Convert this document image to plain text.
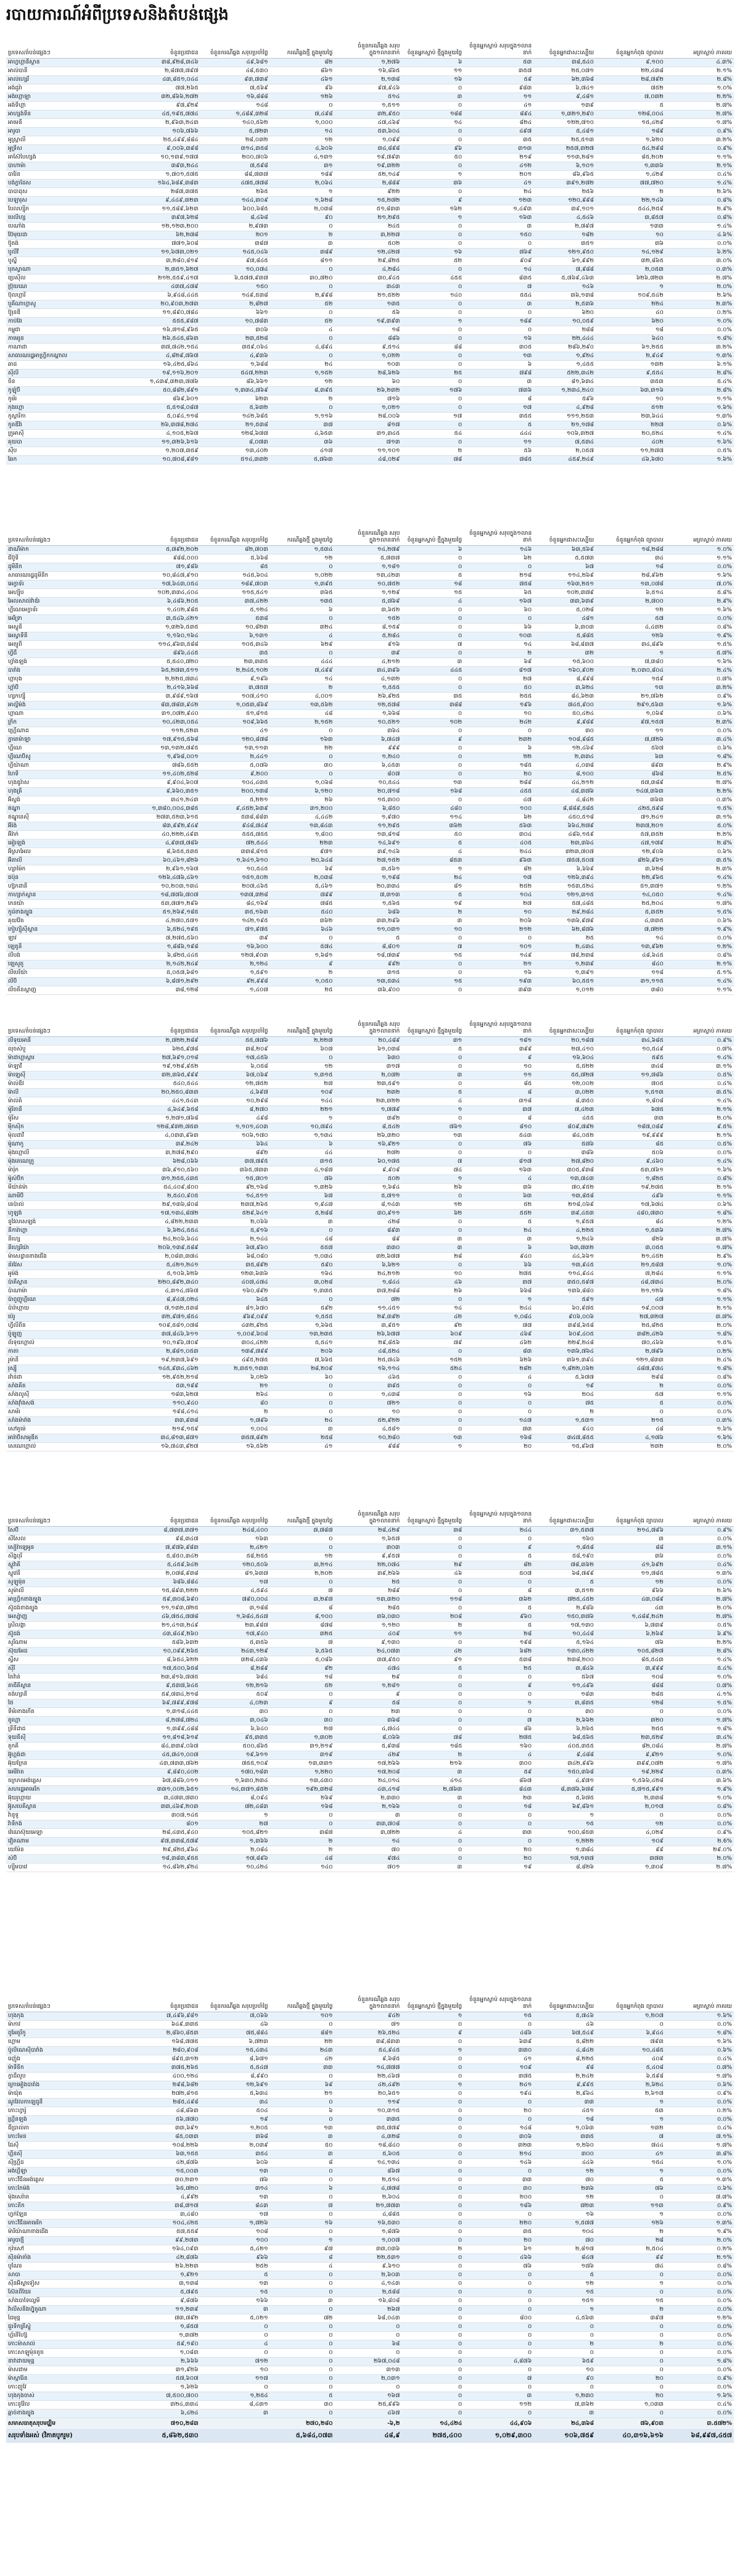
របាយការណ៍អំពីប្រទេសនិងតំបន់ផ្សេង
ប្រទេស/តំបន់ផ្សេងៗ	ចំនួនប្រជាជន	ចំនួនករណីឆ្លង សរុបប្រចាំថ្ងៃ	ករណីឆ្លងថ្មី ក្នុងមួយថ្ងៃ	ចំនួនករណីឆ្លង សរុបក្នុង១លាននាក់	ចំនួនអ្នកស្លាប់ ថ្មីក្នុងមួយថ្ងៃ	ចំនួនអ្នកស្លាប់ សរុបក្នុង១លាននាក់	ចំនួនអ្នកជាសះស្បើយ	ចំនួនអ្នកកំពុង ព្យាបាល	អត្រាស្លាប់ ភាគរយ
អាហ្វហ្គានីស្ថាន	៣៨,៩២៨,៣៤៦	៤៩,៦៨១	៨២	១,២៧៦	៦	៥៣	៣៨,៥៤០	៩,១០០	៤.៣%
អាល់បានី	២,៨៧៧,៧៩៧	៤៨,៥៣០	៨៦១	១៦,៨៦៥	១១	៣៥៧	២៥,០៧១	២២,៤៣៨	២.១%
អាល់ហ្សេរី	៤៣,៨៥១,០៤៤	៩៣,៧៣៩	៤៦១	២,១៣៨	១៦	៥៩	៦២,៣៦៨	២៨,៧៩២	២.៨%
អង់ដូរ៉ា	៧៧,២៦៥	៧,៥៦៩	៩៦	៩៧,៩៤៦	០	៩៨៣	៦,៧៤១	៧៥២	១.០%
អង់ហ្គោឡា	៣២,៨៦៦,២៧២	១៦,៨៨៨	១២៦	៥១៤	៣	១១	៩,៤៨១	៧,០៣២	២.២%
អង់ទីហ្គា	៩៧,៩២៩	១៤៨	០	១,៥១១	០	៤១	១៣៩	៥	២.៧%
អាហ្សង់ទីន	៤៥,១៩៥,៧៧៤	១,៤៨៩,៣២៨	៧,៤៩៨	៣២,៩៥០	១៨៨	៨៩៤	១,៣២១,២៩០	១២៨,០០៤	២.៧%
អាមេនី	២,៩៦៣,២៤៣	១៤០,៥៦២	១,០០០	៤៧,៤៦៩	១៤	៨២៤	១២២,៧១០	១៥,៤២៩	១.៧%
អារូបា	១០៦,៧៦៦	៥,៧២៣	១៤	៥៣,៦០៤	០	៤៩៧	៥,៤៨១	១៨៩	០.៩%
អូស្ត្រាលី	២៥,៤៩៩,៨៨៤	២៨,០៣២	១២	១,០៩៩	០	៣៥	២៥,៥១៣	១,៦២០	៣.២%
អូទ្រីស	៩,០០៦,៣៩៨	៣១៤,៣៥៨	៤,៦០៦	៣៤,៨៩៨	៩៦	៣១៣	២៥៧,៣២៧	៥៤,២៩៨	០.៩%
អាស៊ែបៃហ្សង់	១០,១៣៩,១៧៧	២០០,៧០៦	៤,១៣១	១៩,៧៩៣	៥០	២១៩	១១៣,២៨១	៨៥,២០២	១.១%
បាហាម៉ា	៣៩៣,២៤៤	៧,៥៩៨	៣១	១៩,៣២២	០	៤១២	៦,១០១	១,៣៣៦	២.១%
បារ៉ែន	១,៧០១,៥៧៥	៨៨,៧៣៧	១៨៩	៥២,១៤៩	១	២០១	៨៦,៩៦៥	១,៤២៩	០.៤%
បង់ក្លាដែស	១៦៤,៦៨៩,៣៨៣	៤៧៥,៧៧៨	២,០៦៤	២,៨៨៩	៣៦	៤១	៣៩១,២៧២	៧៧,៧២០	១.៤%
បាបាដុស	២៨៧,៣៧៥	២៦៥	១	៩២២	០	២៤	២៥៦	២	២.៦%
បេឡារុស	៩,៤៤៩,៣២៣	១៤៤,៣០៩	១,៦២៨	១៥,២៧២	៩	១២៣	១២០,៩៩៨	២២,១៤៦	០.៨%
បែលហ្ស៊ិក	១១,៥៨៩,៦២៣	៦០០,៦៨៥	២,០៣៨	៥១,៨៣៣	១៦២	១,៤៩៣	៣៩,១០១	៥៤៤,២៥៩	២.៩%
បេលីហ្ស	៣៩៧,៦២៨	៨,៤៦៨	៩០	២១,២៩៥	១	១៦៣	៤,៥៤៦	៣,៨៥៧	០.៨%
បេណាំង	១២,១២៣,២០០	២,៩៧៣	០	២៤៥	០	៣	២,៧៩៧	១៣៣	១.៤%
ប៊ែមុយដា	៦២,២៧៨	២០១	២	៣,២២៧	០	១៥០	១៨២	១០	៤.៦%
ប៊ូតង់	៧៧១,៦០៨	៣៨៧	៣	៥០២	០	០	៣៥១	៣៦	០.០%
បូលីវី	១១,៦៧៣,០២១	១៤៥,០៤៦	៣៨៩	១២,៤២៧	១៦	៧៦៩	១២១,៩៥០	១៤,១២៩	៦.២%
បូស្នី	៣,២៨០,៨១៩	៩៧,៨៤៥	៨១១	២៩,៨២៥	៥២	៩០៩	៦១,៩៩២	៣២,៨៦៥	៣.០%
បុតស្វាណា	២,៣៥១,៦២៧	១០,០៧៤	០	៤,២៨៤	០	១៤	៧,៩៨៨	២,០៥៣	០.៣%
ប្រេស៊ីល	២១២,៥៥៩,៤១៧	៦,៥៧៧,៩៣៧	៣០,៧២០	៣០,៩៤៥	៤៥៥	៨៣៥	៥,៧៦៩,៤៦៣	៦២៦,៧២៣	២.៧%
ប្រ៊ុយណេ	៤៣៧,៤៧៩	១៥០	០	៣៤៣	០	៧	១៤៦	១	២.០%
ប៊ុលហ្គារី	៦,៩៤៨,៤៤៥	១៤៩,៥៣៨	២,៩៩៨	២១,៥២២	១៤០	៥៥៤	៣៦,១៣៨	១០៩,៥៤២	២.៦%
បួគីណាហ្វាសូ	២០,៩០៣,២៧៣	២,៨២៧	៥២	១៣៥	០	៣	២,៥៣៦	២២៤	២.៣%
ប៊ូរុនឌី	១១,៨៩០,៧៨៤	៦៦១	០	៥៦	០	០	៦២០	៤០	០.២%
កាប់វែរ	៥៥៥,៩៨៧	១០,៧៨៣	៥២	១៩,៣៩៣	១	១៨៩	១០,០៥៩	៦២០	១.០%
កម្ពុជា	១៦,៧១៨,៩៦៥	៣០៦	៤	១៨	០	០	២៨៨	១៨	០.០%
កាមេរូន	២៦,៥៤៥,៨៦៣	២៣,៥២៨	០	៨៨៦	០	១៦	២២,៤៤៤	៦៤០	១.៨%
កាណាដា	៣៧,៧៤២,១៥៤	៣៥៩,០៦៤	៤,៨៩៤	៩,៥១៤	៨៨	៣០៥	២៨៦,២៩០	៦១,២៥៥	៣.២%
សាធារណរដ្ឋអាហ្វ្រិកកណ្តាល	៤,៨២៩,៧៦៧	៤,៩៣៦	០	១,០២២	០	១៣	១,៩២៤	២,៩៤៩	១.៣%
ឆាដ	១៦,៤២៥,៨៦៤	១,៦៨៨	២៤	១០៣	០	៦	១,៤៥៥	១៣២	៦.១%
ស៊ីលី	១៩,១១៦,២០១	៥៤៧,២២៣	១,១៥២	២៨,៦២៦	២៥	៧៩៨	៥២២,៣៤២	៩,៥៥៤	២.៨%
ចិន	១,៤៣៩,៣២៣,៧៧៦	៨៦,៦៦១	១២	៦០	០	៣	៨១,៦៣៤	៣៥៣	៥.៤%
កូឡុំប៊ី	៥០,៨៨២,៨៩១	១,៣៣៤,៧៦៩	៨,៣៩៥	២៦,២៣២	១៧៦	៧៣៦	១,២៣៤,២៤០	៦៣,៣១៦	២.៨%
កូម័រ	៨៦៩,៦០១	៦២៣	២	៧១៦	០	៨	៥៩៦	១០	១.១%
កុងហ្គោ	៥,៥១៨,០៨៧	៥,៦៣២	០	១,០២១	០	១៧	៤,៩២៨	៥១២	១.៦%
កូស្តារីកា	៥,០៩៤,១១៨	១៤២,៦៨៥	១,១១៦	២៨,០០៦	១៧	៣៥៥	១១១,២៥៣	២៣,៦៤៤	១.៣%
កូតឌីវ័រ	២៦,៣៧៨,២៧៤	២១,៥៣៨	៣៧	៨១៧	០	៥	២១,១៧៨	២២៧	០.៦%
ក្រូអាស៊ី	៤,១០៥,២៦៧	១២៨,៦៧៧	៤,៦៥៣	៣១,៣៤៥	៥៤	៤៤៤	១០៦,៣២៧	២០,៥២៤	១.៤%
គុយបា	១១,៣២៦,៦១៦	៨,០៧៣	៣៦	៧១៣	០	១១	៧,៥៣៤	៤០២	១.៦%
ស៊ីប	១,២០៧,៣៥៩	១៣,៤០២	៤១៧	១១,១០១	២	៥៦	២,០៥៧	១១,២៧៧	០.៥%
ឆែក	១០,៧០៨,៩៨១	៥១៤,៣៣២	៥,៧៦៣	៤៨,០២៩	៧៨	៧៨៥	៤៥៩,២៤៩	៤៦,៦៧០	១.៦%
ប្រទេស/តំបន់ផ្សេងៗ	ចំនួនប្រជាជន	ចំនួនករណីឆ្លង សរុបប្រចាំថ្ងៃ	ករណីឆ្លងថ្មី ក្នុងមួយថ្ងៃ	ចំនួនករណីឆ្លង សរុបក្នុង១លាននាក់	ចំនួនអ្នកស្លាប់ ថ្មីក្នុងមួយថ្ងៃ	ចំនួនអ្នកស្លាប់ សរុបក្នុង១លាននាក់	ចំនួនអ្នកជាសះស្បើយ	ចំនួនអ្នកកំពុង ព្យាបាល	អត្រាស្លាប់ ភាគរយ
ដាណឺម៉ាក	៥,៧៩២,២០២	៨២,៧០៣	១,៥៣៤	១៤,២៧៩	៦	១៤៦	៦៣,៥៦៩	១៨,២៨៨	១.០%
ជីប៊ូទី	៩៨៨,០០០	៥,៦៦៨	១២	៥,៧៣៧	០	៦២	៥,៥៧៣	៣៤	១.១%
ដូមីនីក	៧១,៩៨៦	៨៥	០	១,១៨១	០	០	៦៧	១៨	០.០%
សាធារណរដ្ឋដូមីនីក	១០,៨៤៧,៩១០	១៤៥,៦០៤	១,០២២	១៣,៤២៣	៥	២១៨	១១៤,២៦៩	២៨,៩៦២	១.៦%
អេក្វាទ័រ	១៧,៦៤៣,០៥៤	១៨៩,៧០៣	១,៣៩៥	១០,៧៥២	១៨	៧៥៨	១៦៣,២៥១	១៣,០៧៨	៧.០%
អេហ្ស៊ីប	១០២,៣៣៤,៤០៤	១១៥,៥៤១	៣៦៥	១,១២៩	១៥	៦៥	១០២,៣៧៩	៦,៥១៤	៥.៨%
អែលសាល់វ៉ាឌ័រ	៦,៤៨៦,២០៥	៣៧,៤២២	១៣៥	៥,៧៦៩	៤	១៦៧	៣៣,៦៣៩	២,៧០០	២.៩%
ហ្គីណេអេក្វាទ័រ	១,៤០២,៩៨៥	៥,១២៤	៦	៣,៦៥២	០	៦០	៥,០២៨	១២	១.៦%
អេរីទ្រា	៣,៥៤៦,៤២១	៥៣៨	០	១៥២	០	០	៤៨១	៥៧	០.០%
អេស្តូនី	១,៣២៦,៥៣៥	១០,៨២៣	៣២៤	៨,១៥៩	០	៦៦	៦,៣០៣	៤,៤៣២	០.៨%
អេស្វាទីនី	១,១៦០,១៦៤	៦,១៣១	៤	៥,២៨៤	០	១០៣	៥,៨៨៥	១២៦	១.៩%
អេត្យូពី	១១៤,៩៦៣,៥៨៨	១០៥,៣៤៦	៦២៩	៩១៦	៧	១៤	៦៨,៨៣៧	៣៤,៨៩៦	១.៥%
ហ្វីជី	៨៩៦,៤៤៥	៣៥	០	៣៩	០	២	៣២	១	៥.៧%
ហ្វាំងឡង់	៥,៥៤០,៧២០	២៣,៣៣៥	៤៤៤	៤,២១២	៣	៦៩	១៥,៦០០	៧,៣៨០	១.៦%
បារាំង	៦៥,២៧៣,៥១១	២,២៤៥,១០២	៧,៤៩៩	៣៤,៣៩៦	៤៤៥	៨១៧	១៦០,៩០២	២,០៣០,៨០៤	២.៤%
ហ្គាបុង	២,២២៥,៧៣៤	៩,១៩៦	១៤	៤,១៣២	០	២៧	៨,៩៩៨	១៥៩	០.៧%
ហ្គាំប៊ី	២,៤១៦,៦៦៨	៣,៧៥៧	២	១,៥៥៥	០	៥០	៣,៦២៤	១៣	៣.២%
ហ្សកហ្ស៊ី	៣,៩៨៩,១៦៧	១០៧,៤១០	៤,០០១	២៦,៩២៥	៣៥	២៥៥	៨៤,៦២៣	២១,៧៦២	០.៩%
អាល្លឺម៉ង់	៨៣,៧៨៣,៩៤២	១,០៥៣,៨៦៩	១៣,៥៦២	១២,៥៧៨	៣៨៨	១៩៦	៧៤៥,៩០០	២៩១,៥៦៣	១.៦%
ហ្គាណា	៣១,០៧២,៩៤០	៥១,៨១៥	៤៨	១,៦៦៨	០	១០	៥០,៤២៤	១,០៦៩	០.៦%
ក្រិក	១០,៤២៣,០៥៤	១០៩,៦៦៥	២,១៥២	១០,៥២១	១០២	២៤២	៩,៩៨៩	៩៧,១៥៧	២.៣%
ហ្គ្រើណាដ	១១២,៥២៣	៤១	០	៣៦៤	០	០	៣០	១១	០.០%
ក្វាតេម៉ាឡា	១៧,៩១៥,៥៦៨	១២០,៨៧៨	១៦៣	៦,៧៤៧	៩	២៣២	១០៨,៩៨៥	៧,៧២៦	៣.៤%
ហ្គីណេ	១៣,១៣២,៧៩៥	១៣,១១៣	២២	៩៩៩	០	៦	១២,៤៦៩	៥៦៧	០.៦%
ហ្គីណេប៊ីសូ	១,៩៦៨,០០១	២,៤៤១	០	១,២៤០	០	២២	២,៣៣៤	៦៣	១.៨%
ហ្គីយ៉ាណា	៧៨៦,៥៥២	៥,០៧៦	៣០	៦,៤៥៣	០	១៨៥	៤,០៣៨	៨៩៣	២.៩%
ហៃទី	១១,៤០២,៥២៨	៩,២០០	០	៨០៧	០	២០	៨,១០០	៨៦៨	២.៥%
ហុងឌូរ៉ាស	៩,៩០៤,៦០៧	១០៤,៤៣៥	១,០៦៨	១០,៥៤៤	១៣	២៨៩	៤៤,២១២	៥៧,៣៨៩	២.៧%
ហុងគ្រី	៩,៦៦០,៣៥១	២០០,១៣៨	៦,១២០	២០,៧១៨	១៦៨	៤៥៥	៤៨,៣៧៦	១៤៧,៣៦៣	២.២%
អ៊ីស្លង់	៣៤១,២៤៣	៥,២២១	២៦	១៥,៣០០	០	៤៧	៤,៨៤២	៣៦៣	០.៣%
ឥណ្ឌា	១,៣៨០,០០៤,៣៨៥	៩,៤៥២,៦៣៩	៣១,២០០	៦,៨៥០	៤៨០	១០០	៨,៨៨៩,៥៨៥	៤២៥,៥៩៨	១.៥%
ឥណ្ឌូនេស៊ី	២៧៣,៥២៣,៦១៥	៥៣៨,៨៨៣	៤,៤៤២	១,៩៧០	១១៤	៦២	៤៥០,៥១៨	៧១,២៤១	៣.១%
អ៊ីរ៉ង់	៨៣,៩៩២,៩៤៩	៩៤៨,៧៤៩	១៣,៨៤៣	១១,២៩៥	៣៦២	៥៦៣	៦៦៤,២៧៩	២៣៧,២០១	៥.០%
អ៊ីរ៉ាក់	៤០,២២២,៤៩៣	៥៥៥,៧៥៥	១,៨០០	១៣,៨១៨	៥០	៣០៤	៤៨៦,១៥៩	៥៧,៣៥២	២.២%
អៀរឡង់	៤,៩៣៧,៧៨៦	៧២,៥៤៤	២២៣	១៤,៦៩១	៥	៤០៥	២៣,៣៦៤	៤៧,១៧៩	២.៨%
អ៊ីស្រាអែល	៨,៦៥៥,៥៣៥	៣៣៨,៨១៥	៩៧១	៣៩,១៤៦	៤	២៤៤	៣២៣,៧០៧	១២,៩០៦	០.៦%
អ៊ីតាលី	៦០,៤៦១,៨២៦	១,៦៤១,៦១០	២០,៦៤៨	២៧,១៥២	៨៥៣	៩៦៣	៧៥៧,៥០៧	៨២៦,៩៦១	៣.៥%
ហ្សាម៉ៃក	២,៩៦១,១៦៧	១០,៥៤៥	៦៩	៣,៥៦១	១	៨២	៦,៦៦៩	៣,៦២៨	២.៣%
ជប៉ុន	១២៦,៤៧៦,៤៦១	១៥១,៥០២	២,០៣៨	១,១៩៨	២៤	១៧	១២៦,៣៩៤	២២,៩៦៥	១.៤%
ហ្ស៊កដានី	១០,២០៣,១៣៤	២០៧,៤៦៥	៥,៤៦១	២០,៣៣៤	៨១	២៥២	១៥៣,៥២៤	៥១,៣៧១	១.២%
កាហ្សាក់ស្ថាន	១៨,៧៧៦,៧០៧	១៣៧,៣២៨	៧៩៩	៧,៣១៣	៥	១០៤	១២១,៣១៥	១៤,០៥០	១.៤%
កេនយ៉ា	៥៣,៧៧១,២៩៦	៨៤,១៦៩	៧៨៥	១,៥៦៥	១៩	២៧	៥៧,៤៨៥	២៥,២០៤	១.៧%
កូរ៉េខាងត្បូង	៥១,២៦៩,១៨៥	៣៥,១៦៣	៥៤០	៦៨៦	២	១០	២៩,២៨៤	៥,៣៥២	១.៥%
គុយវ៉ែត	៤,២៧០,៥៧១	១៤២,១៩៥	៣៦២	៣៣,២៩៦	៣	២០៦	១៣៦,៩៧៩	៤,៣៣៥	០.៦%
កៀហ្ស៊ីស៊ីស្ថាន	៦,៥២៤,១៩៥	៧១,៩៧៥	៦៤៦	១១,០៣១	១០	២១២	៦២,៨៧៦	៧,៧២២	១.៩%
ឡាវ	៧,២៧៥,៥៦០	៣៩	០	៥	០	០	២៥	១៤	០.០%
ឡេតូនី	១,៨៨៦,១៩៨	១៦,៦០០	៥៧៤	៨,៨០១	៧	១០១	២,៤៣៤	១៣,៩៦២	១.២%
លីបង់	៦,៨២៥,៤៤៥	១២៧,៩០៣	១,៦៨១	១៨,៧៣៩	១៥	១៤៩	៧៨,២៣៨	៤៨,៦៤៥	០.៨%
ឡេសូតូ	២,១៤២,២៤៩	២,១២៤	៩	៩៩២	០	២១	១,២៣៩	៨៤០	២.១%
លីបេរីយ៉ា	៥,០៥៧,៦៨១	១,៥៩១	២	៣១៥	០	១៦	១,៣៩១	១១៨	៥.១%
លីប៊ី	៦,៨៧១,២៩២	៩២,៩៩៨	១,០៥០	១៣,៥៣៤	១៥	១៩៣	៦០,៥៥១	៣១,១១៥	១.៤%
លិចតិនស្តាញ	៣៨,១២៨	១,៤០៧	២៥	៣៦,៩០០	០	៣៩៣	១,០១២	៣៨០	១.១%
ប្រទេស/តំបន់ផ្សេងៗ	ចំនួនប្រជាជន	ចំនួនករណីឆ្លង សរុបប្រចាំថ្ងៃ	ករណីឆ្លងថ្មី ក្នុងមួយថ្ងៃ	ចំនួនករណីឆ្លង សរុបក្នុង១លាននាក់	ចំនួនអ្នកស្លាប់ ថ្មីក្នុងមួយថ្ងៃ	ចំនួនអ្នកស្លាប់ សរុបក្នុង១លាននាក់	ចំនួនអ្នកជាសះស្បើយ	ចំនួនអ្នកកំពុង ព្យាបាល	អត្រាស្លាប់ ភាគរយ
លីទុយអានី	២,៧២២,២៨៩	៥៥,៧៧៦	២,២២៧	២០,៤៨៩	៣១	១៨១	២០,១៨៧	៣៤,៦៨៥	០.៩%
លុចសំបួ	៦២៥,៩៧៨	៣៨,២០៩	៦០៧	៦១,០៣៨	៥	៣៩៩	២៧,៤១០	១០,៥៤៩	០.៧%
ម៉ាដាហ្គាស្ការ	២៧,៦៩១,០១៨	១៧,៤៥៦	០	៦៣០	០	៩	១៦,៦០៤	៥៩៥	១.៤%
ម៉ាឡាវី	១៩,១២៩,៩៥២	៦,០៥៨	១២	៣១៧	០	១០	៥,៥២២	៣៤៨	៣.១%
ម៉ាឡេស៊ី	៣២,៣៦៥,៩៩៩	៦៧,០៦៩	១,៣១៥	២,០៧២	៣	១១	៥៥,៧២៧	១១,៧៨៦	០.៥%
ម៉ាល់ឌីវ	៥៤០,៥៤៤	១២,៧៥២	២៧	២៣,៥៩១	០	៨៥	១២,០០២	៧០៥	០.៤%
ម៉ាលី	២០,២៥០,៨៣៣	៤,៦៩៧	១០៩	២៣២	៥	៨	៣,០២២	១,៥១៣	៣.៥%
ម៉ាល់ត៍	៤៤១,៥៤៣	១០,២៩៨	១៤៤	២៣,៣២២	៤	៣១៨	៨,៣៥០	១,៨០៨	១.៤%
ម៉ូរីតានី	៤,៦៤៩,៦៥៨	៨,២៧០	២២១	១,៧៧៩	១	៣៧	៧,៤២៣	៦៧៥	២.១%
ម៉ូរីស	១,២៧១,៧៦៨	៤៩៨	១	៣៩២	០	៨	៤៥៥	៣៣	២.០%
ម៉ិកស៊ិក	១២៨,៩៣២,៧៥៣	១,១០១,៤០៣	១០,៧៩៤	៨,៥៤២	៧៦១	៨១០	៨០៩,៧៩២	១៨៧,០៨៩	៩.៥%
ម៉ុលដាវី	៤,០៣៣,៩៦៣	១០៦,១៧០	១,១៣៤	២៦,៣២០	១៣	៥៤៣	៨៤,០៥២	១៩,៩៩៩	២.១%
ម៉ូណាកូ	៣៩,២៤២	៦៦៤	៦	១៦,៩២១	០	៧៦	៥៧៦	៨៥	០.៥%
ម៉ុងហ្គោលី	៣,២៧៨,២៩០	៨៩២	៤៤	២៧២	០	០	៣៨៦	៥០៦	០.០%
ម៉ុងតេណេក្រូ	៦២៨,០៦៦	៣៧,៧៩៥	៣១៥	៦០,១៧៥	៧	៨១៧	២៧,៨២០	៩,៤៦០	១.៤%
ម៉ារ៉ុក	៣៦,៩១០,៥៦០	៣៦៥,៧៣៣	៤,១៨៧	៩,៩០៩	៧៤	១៦៣	៣០៥,៩៣៨	៥៣,៧៦១	១.៦%
ម៉ូសំប៊ិក	៣១,២៥៥,៤៣៥	១៥,៧០១	៧៦	៥០២	១	៤	១៣,៧៤៣	១,៨២៥	០.៨%
មីយ៉ាន់ម៉ា	៥៤,៤០៩,៨០០	៩២,១៦៨	១,៣២៦	១,៦៩៤	២៦	៣៦	៧០,៩៥២	១៩,២៧៥	២.១%
ណាមីប៊ី	២,៥៤០,៩០៥	១៤,៥១១	៦៧	៥,៧១១	០	៦៣	១៣,៨៥៨	៤៩៦	១.១%
នេប៉ាល់	២៩,១៣៦,៨០៨	២៣៧,២៦៥	១,៩៤៧	៨,១៤៣	១២	៥២	២១៨,០៦៩	១៧,៦៧៤	០.៦%
ហូឡង់	១៧,១៣៤,៨៧២	៥២៩,៦៤១	៥,២៨៨	៣០,៩១១	៦២	៥៥២	៣៩,៤៥៣	៤៨០,៧៣០	១.៨%
នូវែលសេឡង់	៤,៨២២,២៣៣	២,០៦៦	៣	៤២៨	០	៥	១,៩៥៧	៨៤	១.២%
នីការ៉ាហ្គា	៦,៦២៤,៥៥៤	៥,៩១៦	០	៨៩៣	០	២៤	៤,២២៥	១,៥៣៦	២.៧%
នីហ្សេ	២៤,២០៦,៦៤៤	២,១៤៤	៤៨	៨៩	៣	៣	១,២៤៦	៨២៦	៣.៧%
នីហ្សេរីយ៉ា	២០៦,១៣៩,៥៨៩	៦៧,៩៦០	៥៥៧	៣៣០	៣	៦	៦៣,៧៣២	៣,០៥៥	១.៧%
ម៉ាសេដ្វានខាងជើង	២,០៨៣,៣៧៤	៦៨,០៨០	១,០៣៤	៣២,៦៧៧	២៨	៩៤០	៤៤,៦៦១	២១,៤៥២	២.៩%
ន័រវែស	៥,៤២១,២៤១	៣៥,៨៩២	៥៩០	៦,៦២១	០	៦៦	១៣,៩៤៥	២១,៥៨៧	១.០%
អូម៉ង់	៥,១០៦,៦២៦	១២៣,៦៣៦	១៦៤	២៤,២១២	១០	២៧៥	១១៤,៩៤៤	៧,២៨៤	១.១%
ប៉ាគីស្ថាន	២២០,៨៩២,៣៤០	៤០៧,៤៧៤	៣,០២៨	១,៨៤៤	៤៦	៣៧	៣៥០,៥៩៧	៤៨,៧៣៤	២.០%
ប៉ាណាម៉ា	៤,៣១៤,៧៦៧	១៦០,៨៩២	១,៣៣៥	៣៧,២៨៨	២៦	៦៦៨	១៣៦,៨៨០	២១,១២៦	១.៨%
ប៉ាពួញូហ្គីណេ	៨,៩៤៧,០២៤	៦៤៥	០	៧២	០	១	៥៩១	៤៧	១.១%
ប៉ារ៉ាហ្គាយ	៧,១៣២,៥៣៨	៨១,៦៧០	៥៩២	១១,៤៥១	១៤	២៤៤	៦០,៩៧៥	១៩,០០៧	២.១%
ប៉េរូ	៣២,៩៧១,៨៥៤	៩៦៩,០៩៩	១,៥៥៥	២៩,៣៩២	៤២	១,០៨៤	៩០៦,០០៦	២៧,៣២៧	៣.៧%
ហ្វីលីពីន	១០៩,៥៨១,០៧៨	៤៣២,៩២៥	១,៦៦៥	៣,៩៥១	៩២	៧៧	៣៩៨,៦៥៨	២៥,៨២៥	២.០%
ប៉ូឡូញ	៣៧,៨៤៦,៦១១	១,០០៩,៦០៨	១៣,២៣៥	២៦,៦៧៧	៦០៩	៤៦៩	៦០៩,៤០៥	៣៨២,៤២៦	១.៨%
ព័រទុយហ្គាល់	១០,១៩៦,៧០៩	៣០៤,៤២២	៥,៥៤១	២៩,៨៥៦	៧៩	៤៦២	២២៩,២៤៨	៧០,៤៦៦	១.៥%
កាតា	២,៨៨១,០៥៣	១៣៩,៧៩៩	២០៦	៤៨,៥២៤	០	៨៣	១៣៦,៧៦៤	២,៧៩៦	០.២%
រូម៉ានី	១៩,២៣៧,៦៩១	៤៩៥,២៧៥	៧,៦៦៥	២៥,៧៤៦	១៥២	៦២៦	៣៦១,៣៩៤	១២១,៨៣៣	២.៤%
រុស្ស៊ី	១៤៥,៩៣៤,៤៦២	២,៣៥១,១៣៣	២៨,២០៩	១៦,១១៤	៥២៤	២៨២	១,៨២២,០៦២	៤៨៧,៩៧៤	១.៨%
រវ៉ាន់ដា	១២,៩៥២,២១៨	៦,០២៦	៦០	៤៦៥	០	៤	៥,៦៧៧	២៩៨	០.៨%
សាំងគីត	៥៣,១៩៩	២១	០	៣៩៥	០	០	១៩	២	០.០%
សាំងលូស៊ី	១៨៣,៦២៧	២៦៤	០	១,៤៣៨	០	១៦	២០៤	៥៧	១.១%
សាំងវ៉ាំងសង់	១១០,៩៤០	៨០	០	៧២១	០	០	៧៥	៥	០.០%
សាម័រ	១៩៨,៤១៤	២	០	១០	០	០	២	០	០.០%
សាំងម៉ារាំង	៣៣,៩៣៨	១,៧៩៦	២៤	៥២,៩២២	០	១៤៧	១,៥៣១	២១៥	០.៣%
សៅតូម៉េ	២១៩,១៥៩	១,០០៤	៣	៤,៥៨១	០	៧៣	៩៤០	៤៨	១.៦%
អារ៉ាប៊ីសាអូឌីត	៣៤,៨១៣,៨៧១	៣៥៧,៨៩២	២៥៨	១០,២៨០	១៣	១៦៨	៣៤៧,៨៥៥	៤,១៧៦	១.៦%
សេណេហ្គាល់	១៦,៧៤៣,៩២៧	១៦,៥៦២	៤១	៩៨៩	១	២០	១៥,៩៦៧	២៣២	២.០%
ប្រទេស/តំបន់ផ្សេងៗ	ចំនួនប្រជាជន	ចំនួនករណីឆ្លង សរុបប្រចាំថ្ងៃ	ករណីឆ្លងថ្មី ក្នុងមួយថ្ងៃ	ចំនួនករណីឆ្លង សរុបក្នុង១លាននាក់	ចំនួនអ្នកស្លាប់ ថ្មីក្នុងមួយថ្ងៃ	ចំនួនអ្នកស្លាប់ សរុបក្នុង១លាននាក់	ចំនួនអ្នកជាសះស្បើយ	ចំនួនអ្នកកំពុង ព្យាបាល	អត្រាស្លាប់ ភាគរយ
សែប៊ី	៨,៧៣៧,៣៧១	២៤៨,៤០០	៧,៧៨៧	២៨,៤២៩	៣៨	២៤៤	៣១,៥៣៧	២១៤,៧៩៦	០.៩%
សីសែល	៩៨,៣៤៧	១៦៣	០	១,៦៥៧	០	០	១៦០	៣	០.០%
សៀរ៉ាឡេអូន	៧,៩៧៦,៩៨៣	២,៤២១	០	៣០៣	០	៩	១,៨៥៨	៨៨	៣.១%
សិង្ហបុរី	៥,៨៥០,៣៤២	៥៨,២៥៥	១២	៩,៩៥៧	០	៥	៥៨,១៩០	៣៦	០.០%
ស្លូវ៉ាគី	៥,៤៥៩,៦៤២	១២០,៥០៦	៣,២១៤	២២,០៧៤	២៩	៨២	៧៨,៣៦២	៤១,៦៩២	០.៤%
ស្លូវេនី	២,០៧៨,៩៣៨	៨១,៦៣៧	២,២០២	៣៩,២៦៦	៤៦	៥០៧	៦៨,៧៩៩	១១,៧៨៥	១.៣%
សូឡូម៉ុន	៦៨៦,៨៨៤	១៧	០	២៥	០	០	៥	១២	០.០%
សូម៉ាលី	១៥,៨៩៣,២២២	៤,៥៩៤	៧	២៨៩	០	៨	៣,៥១២	៩៦៦	២.៦%
អាហ្វ្រិកខាងត្បូង	៥៩,៣០៨,៦៩០	៧៩០,០០៤	៣,២៩៧	១៣,៣២០	១១៨	៣៦២	៧២៥,៤៥២	៤៣,០៨៩	២.៧%
ស៊ូដង់ខាងត្បូង	១១,១៩៣,៧២៥	៣,១៨៨	៨	២៨៥	០	៥	២,៩៨៦	៤៣	២.០%
អេស្ប៉ាញ	៤៦,៧៥៤,៧៧៨	១,៦៨៤,៥៤៧	៨,១០០	៣៦,០៣០	២០៨	៩៦០	១៥០,៣៧៦	១,៤៨៩,២៤២	២.៧%
ស្រីលង្កា	២១,៤១៣,២៤៩	២៣,៩៨៧	៨៧៨	១,១២០	២	៥	១៧,១៣០	៦,៧៣៩	០.៥%
ស៊ូដង់	៤៣,៨៤៩,២៦០	១៧,៩៤០	៣២៥	៤០៩	១១	២៨	១០,៤៤៨	៦,២៦៩	៦.៩%
សូរីណាម	៥៨៦,៦៣២	៥,៣៥៦	៧	៩,១៣០	០	១៩៨	៥,១៦៤	៧៦	២.២%
ស៊ុយអែដ	១០,០៩៩,២៦៥	២៤៣,១២៩	៦,៥៦៥	២៤,០៧៣	៤២	៦៨២	១៣០,៤២២	១០៥,៨២៧	២.៨%
ស្វីស	៨,៦៥៤,៦២២	៣២៨,៤៣៦	៥,០៨៦	៣៧,៩៥០	៩១	៥៣៨	២៣៨,២០០	៨៥,៥៤៣	១.៤%
ស៊ីរី	១៧,៥០០,៦៥៨	៨,២៨៩	៩២	៤៧៤	៥	២៥	៣,៨៤៦	៣,៩៩៩	៥.៤%
តៃវ៉ាន់	២៣,៨១៦,៧៧៥	៦៨៤	១៨	២៩	០	០	៥៦៧	១០៨	១.០%
តាជីគីស្ថាន	៩,៥៣៧,៦៤៥	១២,២១៦	៥២	១,២៨១	០	៩	១១,៤៩៦	៨៨៨	០.៧%
តង់ហ្សានី	៥៩,៧៣៤,២១៨	៥០៩	០	៩	០	០	១៨៣	២៨៥	៤.១%
ថៃ	៦៩,៧៩៩,៩៧៨	៤,០២៣	៩	៥៨	០	១	៣,៨៣៥	១២៨	១.៥%
ទីម័រខាងកើត	១,៣១៨,៤៤៥	៣០	០	២៣	០	០	៣០	០	០.០%
តូហ្គោ	៨,២៧៨,៧២៤	៣,០៤៦	៣០	៣៦៨	០	៧	២,៦៦២	៣២០	១.៧%
ទ្រីនីដាដ	១,៣៩៩,៤៨៨	៦,៦៤០	២៧	៤,៧៤៤	០	៨៦	៦,២៦៥	២៥៥	១.៨%
ទុយនីស៊ី	១១,៨១៨,៦១៩	៩៥,៣៣៥	១,៣០២	៨,០៦៦	៧៨	២៧៥	៦៨,៥៦៥	២៣,៥២៩	៣.៤%
តួកគី	៨៤,៣៣៩,០៦៧	៥០០,៨៦៥	៣១,២១៩	៥,៩៣៨	១៨៥	១៦០	៤០៥,៣៥៥	៨២,០៨៤	២.៧%
អ៊ូហ្គង់ដា	៤៥,៧៤១,០០៧	១៩,៦១១	៣១៩	៤២៩	២	៤	៩,៤៨៨	៩,៩២១	១.០%
អ៊ុយក្រែន	៤៣,៧៣៣,៧៦២	៧៥៥,១០៩	១៣,៣៣១	១៧,២៦៦	២១៦	៣០០	៣៤២,៩៩៦	៣៩៩,០៧២	១.៧%
អេមីរ៉ាត	៩,៨៩០,៤០២	១៧០,១៨៣	១,២២០	១៧,២០៨	៣	៥៩	១៥០,៣៦៨	១៩,២២៩	០.៣%
ចក្រភពអង់គ្លេស	៦៧,៨៨៦,០១១	១,៦៣០,២៣៤	១៣,៤៣០	២៤,០១៤	៤១៤	៨៦៧	៤,៩៧១	១,៥៦៦,៤២៨	៣.៦%
សហរដ្ឋអាមេរិក	៣៣១,០០២,៦៥១	១៤,៣៧១,៨៥២	១៩២,៣២៨	៤៣,៤១៨	២,៧៦៣	៨៤៣	៨,៣៧៦,៦៧៩	៥,៧១៥,៩៩១	១.៩%
អ៊ុយរូហ្គាយ	៣,៤៧៣,៧៣០	៨,០៩៤	២៦៩	២,៣៣០	៣	២៣	៥,៦៧៥	២,៣៣៨	១.០%
អ៊ូសបេគីស្ថាន	៣៣,៤៦៩,២០៣	៧២,៤៨៣	១៦៨	២,១៦៦	០	១៨	៦៩,៨៦១	២,០១៧	០.៨%
វ៉ានូទូ	៣០៧,១៤៥	១	០	៣	០	០	១	០	០.០%
វ៉ាទីកង់	៨០១	២៧	០	៣៣,៧០៨	០	០	១៥	១២	០.០%
វ៉េណេស៊ុយអេឡា	២៨,៤៣៥,៩៤០	១០៥,៨២១	៣៨៧	៣,៧២២	៤	៣៣	១០០,៨៥៣	៤,០២៩	០.៩%
វៀតណាម	៩៧,៣៣៨,៥៧៩	១,៣៦៦	២	១៤	០	០	១,២២២	១០៩	២.6%
យេម៉ែន	២៩,៨២៥,៩៦៤	២,០៨៤	២	៧០	០	២០	១,៣៨៤	៩៩	២៩.០%
សំប៊ី	១៨,៣៨៣,៩៥៥	១៧,៨៩៦	៤៨	៩៧៤	០	២០	១៧,១៣៧	៣៧៣	២.០%
ហ្ស៊ីមបាវេ	១៤,៨៦២,៩២៤	១០,៤២៤	១៤០	៧០១	៣	១៩	៨,៨២៦	១,៣០៩	២.៧%
ប្រទេស/តំបន់ផ្សេងៗ	ចំនួនប្រជាជន	ចំនួនករណីឆ្លង សរុបប្រចាំថ្ងៃ	ករណីឆ្លងថ្មី ក្នុងមួយថ្ងៃ	ចំនួនករណីឆ្លង សរុបក្នុង១លាននាក់	ចំនួនអ្នកស្លាប់ ថ្មីក្នុងមួយថ្ងៃ	ចំនួនអ្នកស្លាប់ សរុបក្នុង១លាននាក់	ចំនួនអ្នកជាសះស្បើយ	ចំនួនអ្នកកំពុង ព្យាបាល	អត្រាស្លាប់ ភាគរយ
ហុងកុង	៧,៤៩៦,៩៨១	៧,០៦៦	១០១	៩៤២	១	១៥	៥,៧៤៦	១,២០៧	១.៦%
ម៉ាកាវ	៦៤៩,៣៣៥	៤៦	០	៧១	០	០	៤៦	០	០.០%
ពូអែតូរីកូ	២,៨៦០,៨៥៣	៧៥,៨៨៤	៨៨១	២៦,៥២៤	៩	៤៨៦	៦៧,៥៤៩	៦,៩៤៤	១.៨%
ហ្គោម	១៦៨,៧៧៥	៦,៧២៣	២២	៣៩,៨៣៣	០	៦៣៩	៥,៨២២	៧៩៣	១.៦%
ប៉ូលីណេស៊ីបារាំង	២៨០,៩០៨	១៥,៤៣៤	២៤៣	៥៤,៩៤៥	១	៣៣០	៤,៨៤២	១០,៤៨៥	០.៦%
រេញ៉ុង	៨៩៥,៣១២	៨,៦៧១	៤២	៩,៦៨៥	០	៤១	៨,២២៥	៤០៩	០.៤%
ម៉ាទីនិក	៣៧៥,២៦៥	៥,៥៤៧	៣៣	១៤,៧៧៧	០	១០៩	៩៨	៥,៤០៨	០.៧%
ក្វាដឺលូប	៤០០,១២៤	៨,៩៩០	០	២២,៤៦៧	០	៣៧៥	២,២៤២	៦,៥៩៨	១.៧%
ក្រោអៀងបារាំង	២៩៨,៦៨២	១២,៦៩១	៦៩	៤២,៤៩២	១	២៤១	៩,៩៩៥	២,៦២៤	០.៦%
ម៉ាយ៉ុត	២៧២,៨១៥	៥,៦៣៤	២១	២០,៦៥១	០	១៩៤	២,៩៦៤	២,៦១៧	០.៩%
ណូវែលកាឡេដូនី	២៨៥,៤៩៨	៣៤	០	១១៩	០	០	៣៣	១	០.០%
កោះហ្វារ៉ូ	៤៨,៨៦៣	៥០៤	៦	១០,៣១៥	០	២០	៤៥១	៥៣	០.២%
ហ្គ្រីនឡង់	៥៦,៧៧០	១៩	០	៣៣៥	០	០	១៨	១	០.០%
ជីប្រាល់តា	៣៣,៦៩១	១,២០៥	១៣	៣៥,៧៧៩	០	១៤៨	១,០៦៣	១៣២	០.៤%
កោះមែន	៨៥,០៣៣	៣៦៨	៣	៤,៣២៨	០	៣០៦	៣៣៥	៧	៧.១%
ជែស៊ី	១០៨,២២៦	២,០៣៩	៥០	១៨,៨៤០	០	៣២៣	១,២៦០	៧៤៤	១.៧%
ហ្គឺនស៊ី	៦៣,១៥៥	៣៥៤	៣	៥,៦០៥	០	២១៤	៣០០	៤១	៣.៨%
ស៊ីហ្គ្រីដ	៤២,៨៧៦	៦០៦	៨	១៤,១៣៤	០	១៤៦	៤៤៦	១៥៤	១.០%
អង់ហ្គីឡា	១៥,០០៣	១៣	០	៨៦៧	០	០	១២	១	០.០%
កោះវឺជីនអង់គ្លេស	៣០,២៣១	៧៦	០	២,៥១៤	០	៣៣	៧០	៥	១.៣%
កោះកៃម៉ង់	៦៥,៧២០	៣១៤	៦	៤,៧៧៨	០	៣០	២៣៦	៧៦	០.៦%
ម៉ុងសេរ៉ាត	៤,៩៩២	១៣	០	២,៦០៤	០	២០០	១២	០	៧.៧%
កោះតឺក	៣៨,៧១៧	៨៤៣	៧	២១,៧៧៣	០	១៨៦	៧២៣	១១៣	០.៩%
ហ្វក់ឡែន	៣,៤៨០	១៧	០	៤,៨៨៥	០	០	១៦	១	០.០%
កោះវឺជីនអាមេរិក	១០៤,៤២៥	១,៧២៦	១៦	១៦,៥៣០	០	២២០	១,៥៧៧	១២៦	១.៣%
ម៉ារីយ៉ាណាខាងជើង	៥៧,៥៥៩	១០៨	០	១,៨៧៦	០	៣៥	១០៤	២	១.៩%
អារូបាថ្មី	៩៩,២៧៣	១០០	១	១,០០៧	០	២០	៧០	២៨	២.០%
កុរ៉ាសៅ	១៦៤,០៩៣	៥,៤២១	៩៧	៣៣,០៣៦	២	៦១	២,៨១៧	២,៥០៤	០.២%
ស៊ីនម៉ាតាំង	៤២,៨៧៦	៩៦៦	៨	២២,៥៣១	០	៤៦៦	៨៤៧	៩៩	២.១%
បូណែរ	២៦,២២៣	២៥២	៤	៩,៦១០	០	៧៦	១៧៦	៧៤	០.៨%
សាបា	១,៩២១	៥	០	២,៦០៣	០	០	៥	០	០.០%
ស៊ីនអ៊ឺស្តាទៀស	៣,១៣៨	១៣	០	៤,១៤៣	០	០	១២	១	០.០%
ស៊ែនពីយែរ	៥,៧៩៥	១៥	០	២,៥៨៨	០	០	១៥	០	០.០%
សាំងបាទែល្លេមី	៩,៨៧៦	១៦៦	៣	១៦,៨០៨	០	០	១៥១	១៥	០.០%
វ៉ាលីសនិងហ្វ៊ូតូណា	១១,២៣៩	៣	០	២៦៧	០	០	១	២	០.០%
ដៃមុន្ត	៧៣,៧៩២	៥,០២១	៧២	៦៨,០៤៣	០	៨០០	៤,៥៦៣	៣៩៧	១.២%
ជួរទឹកគ្រីស្ទុំ	១,៨៥៧	០	០	០	០	០	០	០	០.០%
ហ្គ័រនីហ្ស៊ែ	១,៣៧២	០	០	០	០	០	០	០	០.០%
កោះម៉ាសាល់	៥៩,១៩០	៤	០	៦៨	០	០	២	២	០.០%
កោះសាឡូម៉ុនតូច	១,០៨៣	០	០	០	០	០	០	០	០.០%
នាវាដាយមុន្ត	២,៦៦៦	៧១២	០	២៦៧,០៤៨	០	៤,៨៧៦	៦៥៩	០	១.៨%
ម៉ាសដាម	៣១,៩២៦	១០	០	៣១៣	០	០	១០	០	០.០%
ម៉ាស្ការ៉ែន	៥៧,៦០៧	១១៧	០	២,០៣១	០	៧	៩០	២០	០.៩%
កោះញូវែ	១,៦២៦	០	០	០	០	០	០	០	០.០%
ហុងកុងចាស់	៧,៥០០,៧០០	១,២៥៤	៥	១៦៧	០	៣	១,២៣០	២០	១.៦%
កោះនូវ៉ែល	៣២៤,៣៣៤	៨,៤៣១	៣០	២៥,៩៩៦	០	១១២	៧,៣៦២	១,០៣៣	០.៤%
ឆ្កាច់ខាងត្បូង	៦,៤២៤	៣	០	៤៦៧	០	០	៣	០	០.០%
សមាសធាតុសរុបមជ្ឈិម	៧១០,២៨៣		២៧០,២៨០	-៦,២	១៤,៤២៤	៤៤,៩០៦	២៤,៣៦៨	៧៦,៩០៣	៣.៥៧២%
សរុបទាំងអស់ (វិភាគបូករួម)	៥,៨៦២,៥៣០		៥,៦៨៤,០៧៣	៤៨,៩	២៧៥,៤០០	១,០២៩,៣០០	១០៦,៧៥៩	៤០,៣១៦,៦១៦	៦៨,៩៩៧,៤៥៧
